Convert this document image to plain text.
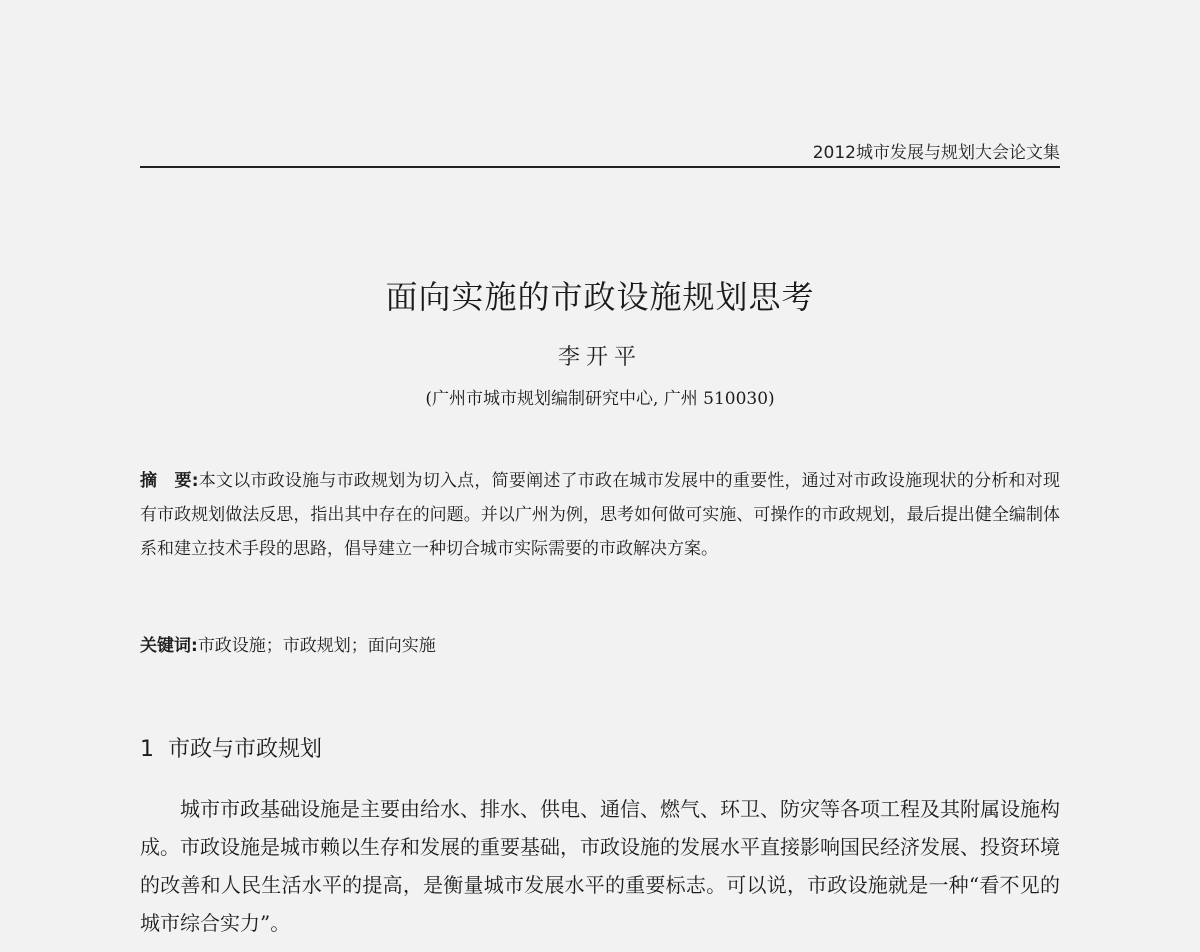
2012城市发展与规划大会论文集
面向实施的市政设施规划思考
李开平
(广州市城市规划编制研究中心, 广州 510030)
摘　要:本文以市政设施与市政规划为切入点，简要阐述了市政在城市发展中的重要性，通过对市政设施现状的分析和对现有市政规划做法反思，指出其中存在的问题。并以广州为例，思考如何做可实施、可操作的市政规划，最后提出健全编制体系和建立技术手段的思路，倡导建立一种切合城市实际需要的市政解决方案。
关键词:市政设施；市政规划；面向实施
1 市政与市政规划
城市市政基础设施是主要由给水、排水、供电、通信、燃气、环卫、防灾等各项工程及其附属设施构成。市政设施是城市赖以生存和发展的重要基础，市政设施的发展水平直接影响国民经济发展、投资环境的改善和人民生活水平的提高，是衡量城市发展水平的重要标志。可以说，市政设施就是一种“看不见的城市综合实力”。
